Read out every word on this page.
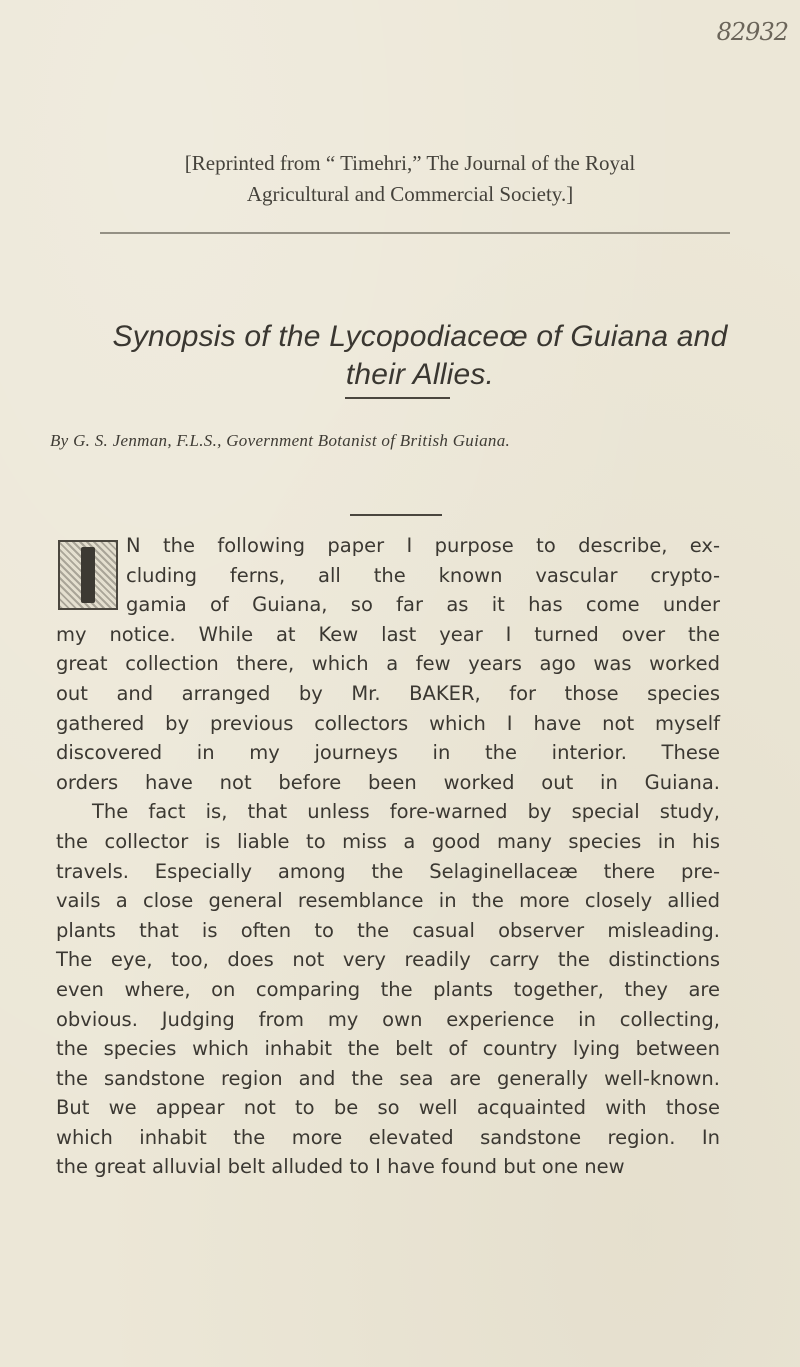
82932
[Reprinted from “ Timehri,” The Journal of the Royal
Agricultural and Commercial Society.]
Synopsis of the Lycopodiaceœ of Guiana and
their Allies.
By G. S. Jenman, F.L.S., Government Botanist of British Guiana.
N the following paper I purpose to describe, ex-
cluding ferns, all the known vascular crypto-
gamia of Guiana, so far as it has come under
my notice. While at Kew last year I turned over the
great collection there, which a few years ago was worked
out and arranged by Mr. BAKER, for those species
gathered by previous collectors which I have not myself
discovered in my journeys in the interior. These
orders have not before been worked out in Guiana.
The fact is, that unless fore-warned by special study,
the collector is liable to miss a good many species in his
travels. Especially among the Selaginellaceæ there pre-
vails a close general resemblance in the more closely allied
plants that is often to the casual observer misleading.
The eye, too, does not very readily carry the distinctions
even where, on comparing the plants together, they are
obvious. Judging from my own experience in collecting,
the species which inhabit the belt of country lying between
the sandstone region and the sea are generally well-known.
But we appear not to be so well acquainted with those
which inhabit the more elevated sandstone region. In
the great alluvial belt alluded to I have found but one new
